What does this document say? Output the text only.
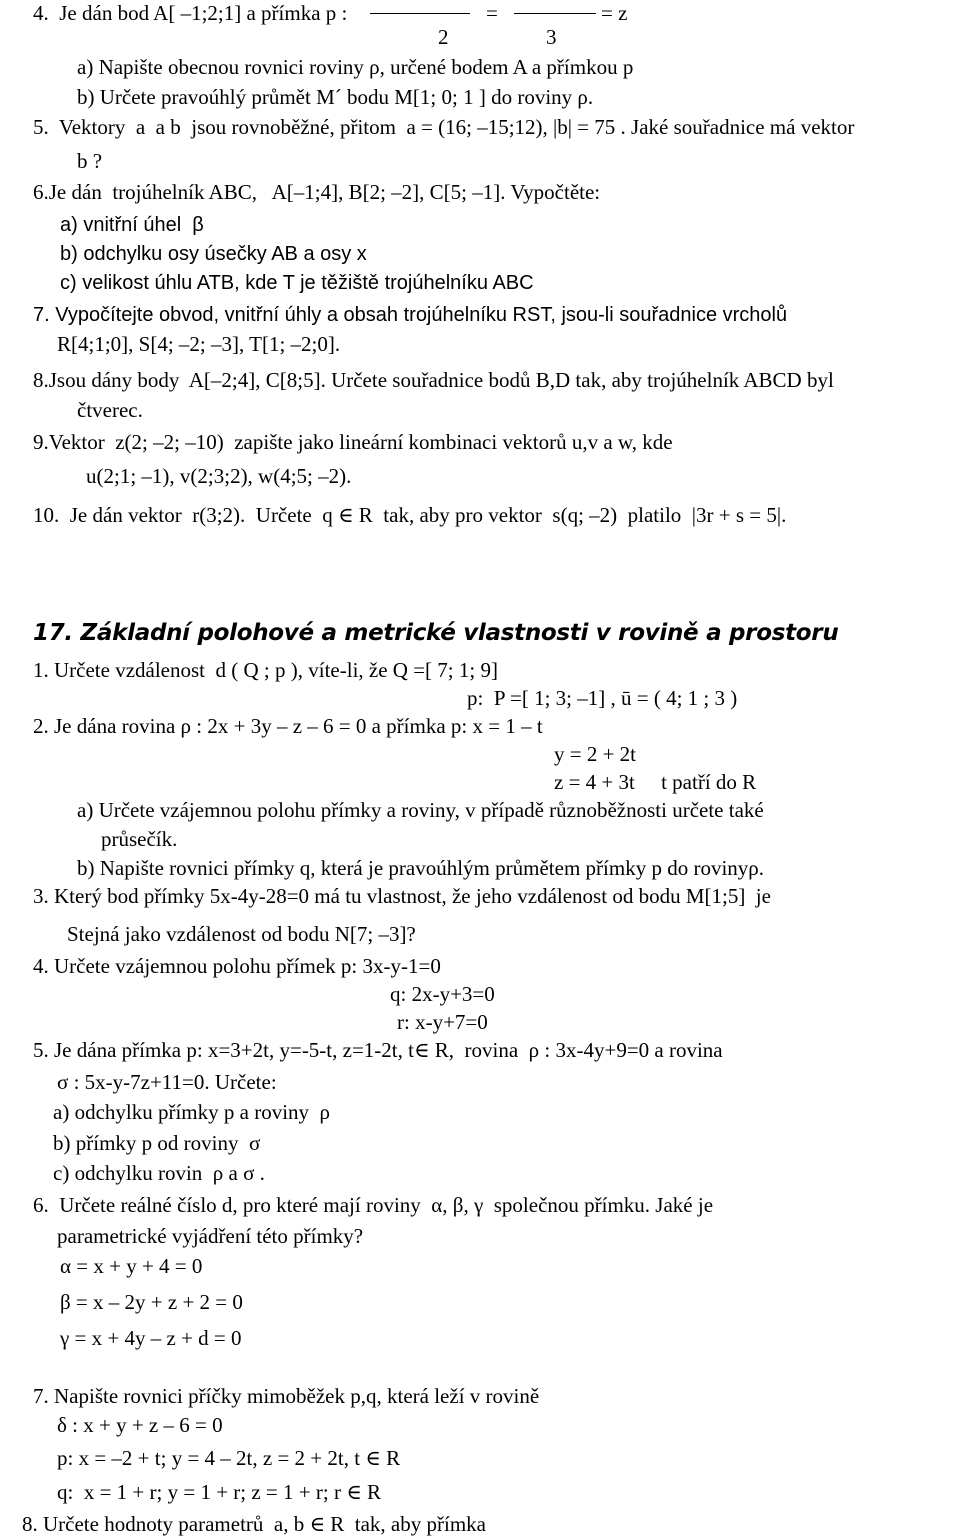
4.  Je dán bod A[ –1;2;1] a přímka p :	=	= z
2	3
a) Napište obecnou rovnici roviny ρ, určené bodem A a přímkou p
b) Určete pravoúhlý průmět M´ bodu M[1; 0; 1 ] do roviny ρ.
5.  Vektory  a  a b  jsou rovnoběžné, přitom  a = (16; –15;12), |b| = 75 . Jaké souřadnice má vektor
b ?
6.Je dán  trojúhelník ABC,   A[–1;4], B[2; –2], C[5; –1]. Vypočtěte:
a) vnitřní úhel  β
b) odchylku osy úsečky AB a osy x
c) velikost úhlu ATB, kde T je těžiště trojúhelníku ABC
7. Vypočítejte obvod, vnitřní úhly a obsah trojúhelníku RST, jsou-li souřadnice vrcholů
R[4;1;0], S[4; –2; –3], T[1; –2;0].
8.Jsou dány body  A[–2;4], C[8;5]. Určete souřadnice bodů B,D tak, aby trojúhelník ABCD byl
čtverec.
9.Vektor  z(2; –2; –10)  zapište jako lineární kombinaci vektorů u,v a w, kde
u(2;1; –1), v(2;3;2), w(4;5; –2).
10.  Je dán vektor  r(3;2).  Určete  q ∈ R  tak, aby pro vektor  s(q; –2)  platilo  |3r + s = 5|.
17. Základní polohové a metrické vlastnosti v rovině a prostoru
1. Určete vzdálenost  d ( Q ; p ), víte-li, že Q =[ 7; 1; 9]
p:  P =[ 1; 3; –1] , ū = ( 4; 1 ; 3 )
2. Je dána rovina ρ : 2x + 3y – z – 6 = 0 a přímka p: x = 1 – t
y = 2 + 2t
z = 4 + 3t     t patří do R
a) Určete vzájemnou polohu přímky a roviny, v případě různoběžnosti určete také
průsečík.
b) Napište rovnici přímky q, která je pravoúhlým průmětem přímky p do rovinyρ.
3. Který bod přímky 5x-4y-28=0 má tu vlastnost, že jeho vzdálenost od bodu M[1;5]  je
Stejná jako vzdálenost od bodu N[7; –3]?
4. Určete vzájemnou polohu přímek p: 3x-y-1=0
q: 2x-y+3=0
r: x-y+7=0
5. Je dána přímka p: x=3+2t, y=-5-t, z=1-2t, t∈ R,  rovina  ρ : 3x-4y+9=0 a rovina
σ : 5x-y-7z+11=0. Určete:
a) odchylku přímky p a roviny  ρ
b) přímky p od roviny  σ
c) odchylku rovin  ρ a σ .
6.  Určete reálné číslo d, pro které mají roviny  α, β, γ  společnou přímku. Jaké je
parametrické vyjádření této přímky?
α = x + y + 4 = 0
β = x – 2y + z + 2 = 0
γ = x + 4y – z + d = 0
7. Napište rovnici příčky mimoběžek p,q, která leží v rovině
δ : x + y + z – 6 = 0
p: x = –2 + t; y = 4 – 2t, z = 2 + 2t, t ∈ R
q:  x = 1 + r; y = 1 + r; z = 1 + r; r ∈ R
8. Určete hodnoty parametrů  a, b ∈ R  tak, aby přímka
